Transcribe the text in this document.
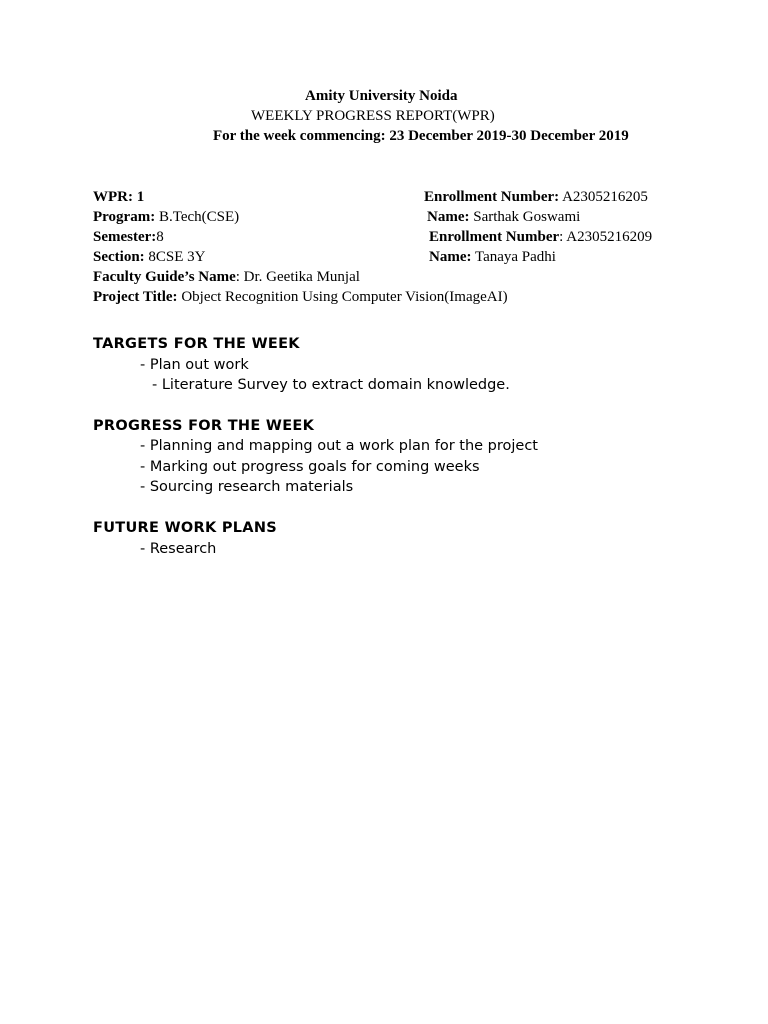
Amity University Noida
WEEKLY PROGRESS REPORT(WPR)
For the week commencing: 23 December 2019-30 December 2019
WPR: 1
Program: B.Tech(CSE)
Semester:8
Section: 8CSE 3Y
Faculty Guide’s Name: Dr. Geetika Munjal
Project Title: Object Recognition Using Computer Vision(ImageAI)
Enrollment Number: A2305216205
Name: Sarthak Goswami
Enrollment Number: A2305216209
Name: Tanaya Padhi
TARGETS FOR THE WEEK
- Plan out work
- Literature Survey to extract domain knowledge.
PROGRESS FOR THE WEEK
- Planning and mapping out a work plan for the project
- Marking out progress goals for coming weeks
- Sourcing research materials
FUTURE WORK PLANS
- Research
